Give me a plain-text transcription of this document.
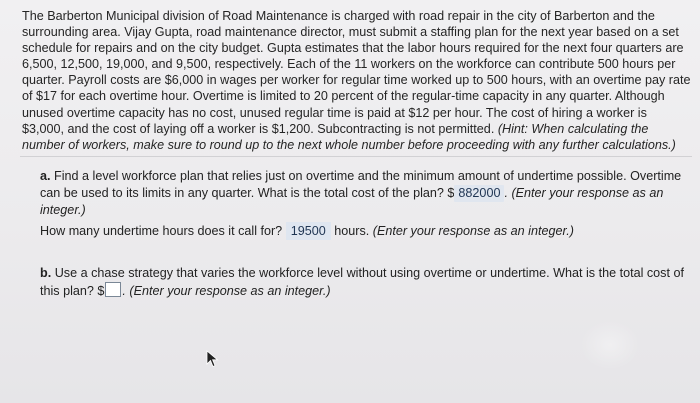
The Barberton Municipal division of Road Maintenance is charged with road repair in the city of Barberton and the surrounding area. Vijay Gupta, road maintenance director, must submit a staffing plan for the next year based on a set schedule for repairs and on the city budget. Gupta estimates that the labor hours required for the next four quarters are 6,500, 12,500, 19,000, and 9,500, respectively. Each of the 11 workers on the workforce can contribute 500 hours per quarter. Payroll costs are $6,000 in wages per worker for regular time worked up to 500 hours, with an overtime pay rate of $17 for each overtime hour. Overtime is limited to 20 percent of the regular-time capacity in any quarter. Although unused overtime capacity has no cost, unused regular time is paid at $12 per hour. The cost of hiring a worker is $3,000, and the cost of laying off a worker is $1,200. Subcontracting is not permitted. (Hint: When calculating the number of workers, make sure to round up to the next whole number before proceeding with any further calculations.)

a. Find a level workforce plan that relies just on overtime and the minimum amount of undertime possible. Overtime can be used to its limits in any quarter. What is the total cost of the plan? $ 882000 . (Enter your response as an integer.)

How many undertime hours does it call for? 19500 hours. (Enter your response as an integer.)

b. Use a chase strategy that varies the workforce level without using overtime or undertime. What is the total cost of this plan? $ . (Enter your response as an integer.)
